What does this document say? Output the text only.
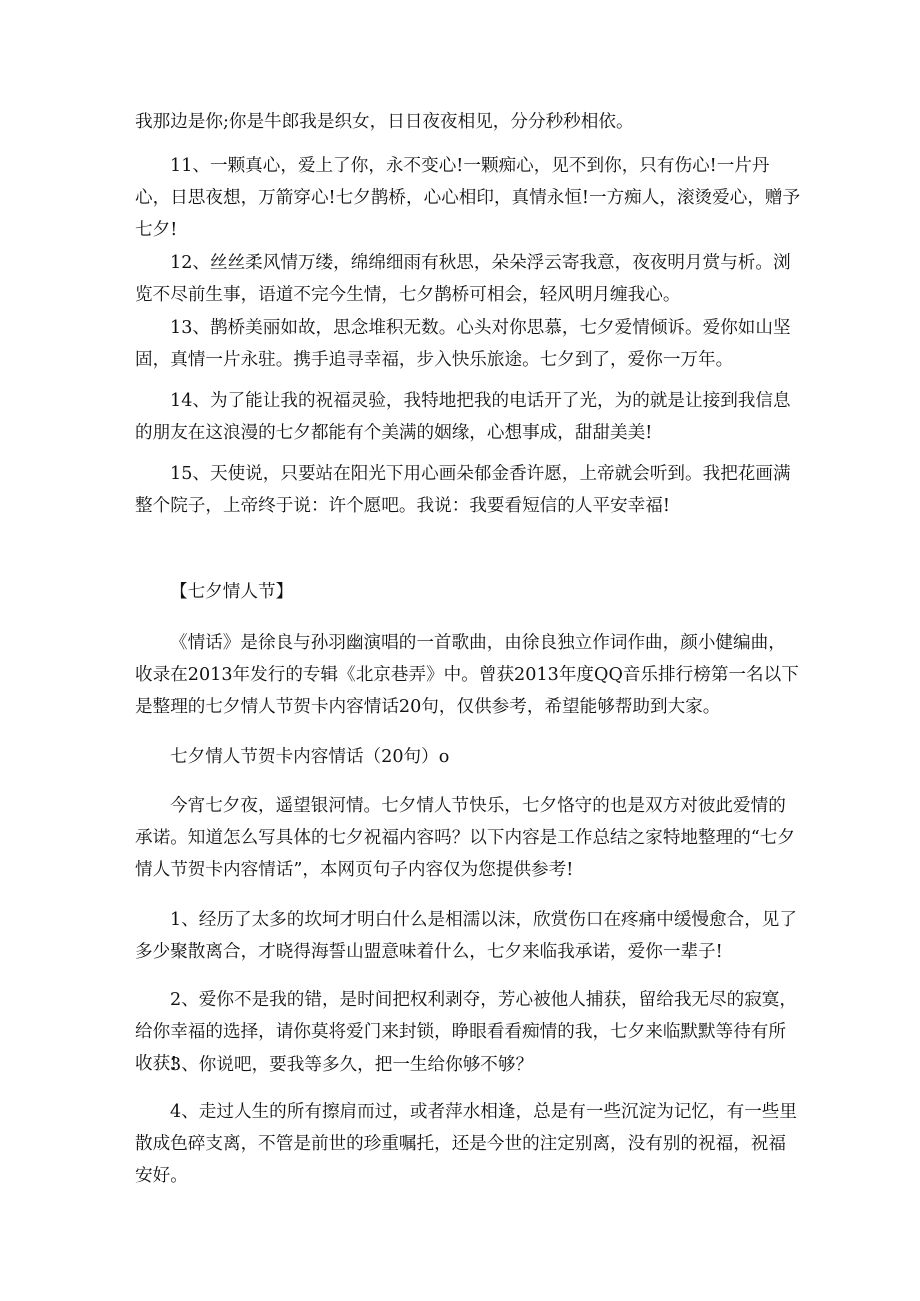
我那边是你;你是牛郎我是织女，日日夜夜相见，分分秒秒相依。

11、一颗真心，爱上了你，永不变心!一颗痴心，见不到你，只有伤心!一片丹心，日思夜想，万箭穿心!七夕鹊桥，心心相印，真情永恒!一方痴人，滚烫爱心，赠予七夕!

12、丝丝柔风情万缕，绵绵细雨有秋思，朵朵浮云寄我意，夜夜明月赏与析。浏览不尽前生事，语道不完今生情，七夕鹊桥可相会，轻风明月缠我心。

13、鹊桥美丽如故，思念堆积无数。心头对你思慕，七夕爱情倾诉。爱你如山坚固，真情一片永驻。携手追寻幸福，步入快乐旅途。七夕到了，爱你一万年。

14、为了能让我的祝福灵验，我特地把我的电话开了光，为的就是让接到我信息的朋友在这浪漫的七夕都能有个美满的姻缘，心想事成，甜甜美美!

15、天使说，只要站在阳光下用心画朵郁金香许愿，上帝就会听到。我把花画满整个院子，上帝终于说：许个愿吧。我说：我要看短信的人平安幸福!

【七夕情人节】

《情话》是徐良与孙羽幽演唱的一首歌曲，由徐良独立作词作曲，颜小健编曲，收录在2013年发行的专辑《北京巷弄》中。曾获2013年度QQ音乐排行榜第一名以下是整理的七夕情人节贺卡内容情话20句，仅供参考，希望能够帮助到大家。

七夕情人节贺卡内容情话（20句）o

今宵七夕夜，遥望银河情。七夕情人节快乐，七夕恪守的也是双方对彼此爱情的承诺。知道怎么写具体的七夕祝福内容吗？以下内容是工作总结之家特地整理的“七夕情人节贺卡内容情话”，本网页句子内容仅为您提供参考!

1、经历了太多的坎坷才明白什么是相濡以沫，欣赏伤口在疼痛中缓慢愈合，见了多少聚散离合，才晓得海誓山盟意味着什么，七夕来临我承诺，爱你一辈子!

2、爱你不是我的错，是时间把权利剥夺，芳心被他人捕获，留给我无尽的寂寞，给你幸福的选择，请你莫将爱门来封锁，睁眼看看痴情的我，七夕来临默默等待有所收获!

3、你说吧，要我等多久，把一生给你够不够？

4、走过人生的所有擦肩而过，或者萍水相逢，总是有一些沉淀为记忆，有一些里散成色碎支离，不管是前世的珍重嘱托，还是今世的注定别离，没有别的祝福，祝福安好。
